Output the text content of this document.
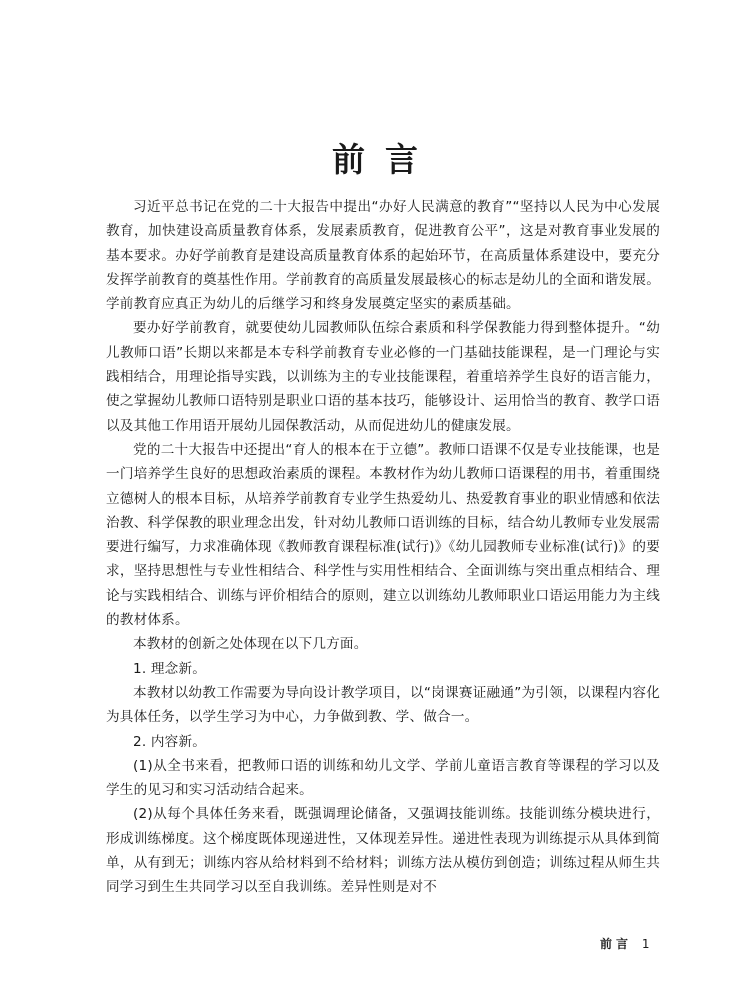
前言

习近平总书记在党的二十大报告中提出“办好人民满意的教育”“坚持以人民为中心发展教育，加快建设高质量教育体系，发展素质教育，促进教育公平”，这是对教育事业发展的基本要求。办好学前教育是建设高质量教育体系的起始环节，在高质量体系建设中，要充分发挥学前教育的奠基性作用。学前教育的高质量发展最核心的标志是幼儿的全面和谐发展。学前教育应真正为幼儿的后继学习和终身发展奠定坚实的素质基础。

要办好学前教育，就要使幼儿园教师队伍综合素质和科学保教能力得到整体提升。“幼儿教师口语”长期以来都是本专科学前教育专业必修的一门基础技能课程，是一门理论与实践相结合，用理论指导实践，以训练为主的专业技能课程，着重培养学生良好的语言能力，使之掌握幼儿教师口语特别是职业口语的基本技巧，能够设计、运用恰当的教育、教学口语以及其他工作用语开展幼儿园保教活动，从而促进幼儿的健康发展。

党的二十大报告中还提出“育人的根本在于立德”。教师口语课不仅是专业技能课，也是一门培养学生良好的思想政治素质的课程。本教材作为幼儿教师口语课程的用书，着重围绕立德树人的根本目标，从培养学前教育专业学生热爱幼儿、热爱教育事业的职业情感和依法治教、科学保教的职业理念出发，针对幼儿教师口语训练的目标，结合幼儿教师专业发展需要进行编写，力求准确体现《教师教育课程标准(试行)》《幼儿园教师专业标准(试行)》的要求，坚持思想性与专业性相结合、科学性与实用性相结合、全面训练与突出重点相结合、理论与实践相结合、训练与评价相结合的原则，建立以训练幼儿教师职业口语运用能力为主线的教材体系。

本教材的创新之处体现在以下几方面。

1. 理念新。

本教材以幼教工作需要为导向设计教学项目，以“岗课赛证融通”为引领，以课程内容化为具体任务，以学生学习为中心，力争做到教、学、做合一。

2. 内容新。

(1)从全书来看，把教师口语的训练和幼儿文学、学前儿童语言教育等课程的学习以及学生的见习和实习活动结合起来。

(2)从每个具体任务来看，既强调理论储备，又强调技能训练。技能训练分模块进行，形成训练梯度。这个梯度既体现递进性，又体现差异性。递进性表现为训练提示从具体到简单，从有到无；训练内容从给材料到不给材料；训练方法从模仿到创造；训练过程从师生共同学习到生生共同学习以至自我训练。差异性则是对不

前言 1
